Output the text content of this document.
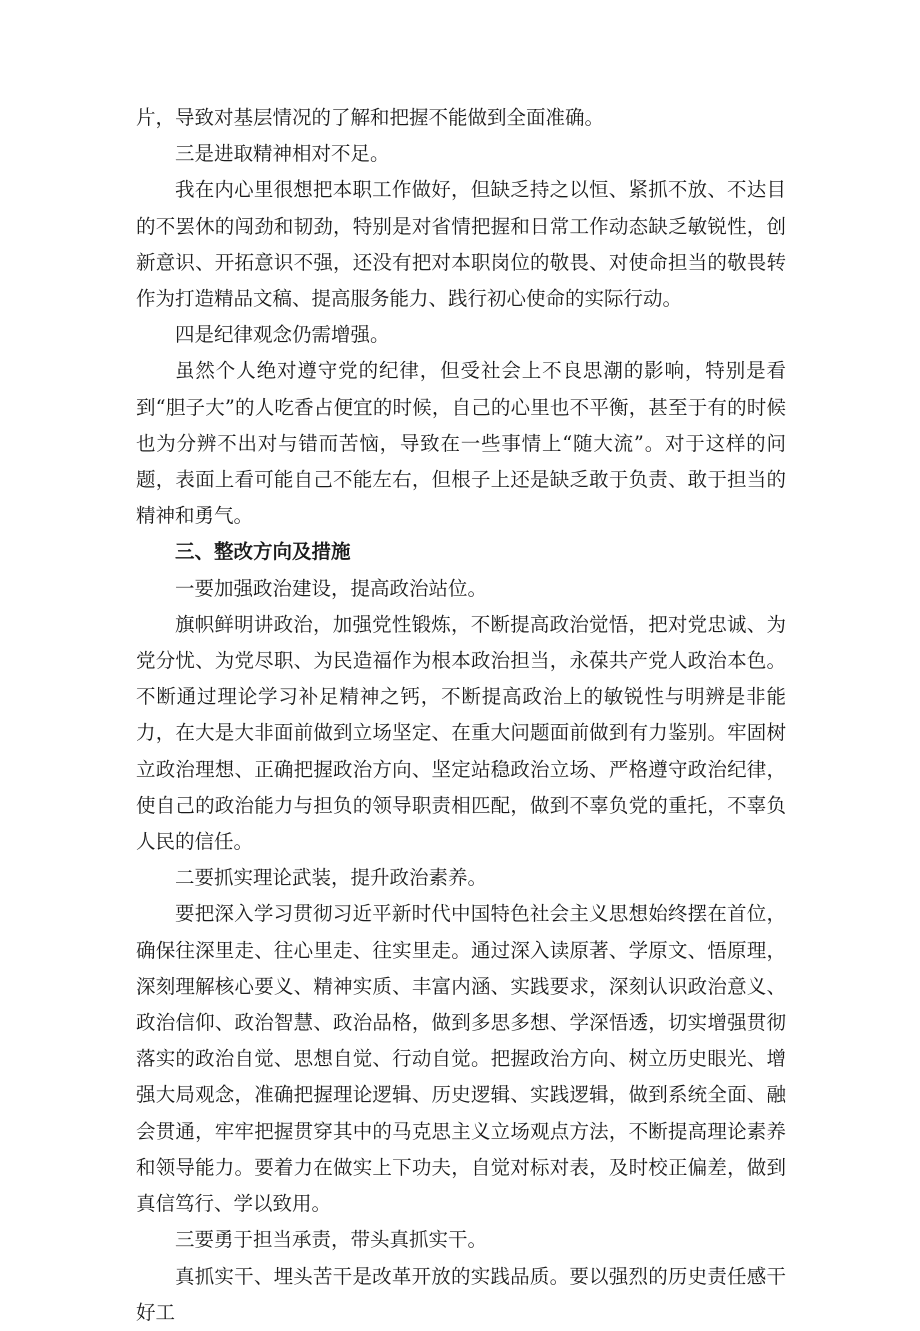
片，导致对基层情况的了解和把握不能做到全面准确。

三是进取精神相对不足。

我在内心里很想把本职工作做好，但缺乏持之以恒、紧抓不放、不达目的不罢休的闯劲和韧劲，特别是对省情把握和日常工作动态缺乏敏锐性，创新意识、开拓意识不强，还没有把对本职岗位的敬畏、对使命担当的敬畏转作为打造精品文稿、提高服务能力、践行初心使命的实际行动。

四是纪律观念仍需增强。

虽然个人绝对遵守党的纪律，但受社会上不良思潮的影响，特别是看到“胆子大”的人吃香占便宜的时候，自己的心里也不平衡，甚至于有的时候也为分辨不出对与错而苦恼，导致在一些事情上“随大流”。对于这样的问题，表面上看可能自己不能左右，但根子上还是缺乏敢于负责、敢于担当的精神和勇气。

三、整改方向及措施

一要加强政治建设，提高政治站位。

旗帜鲜明讲政治，加强党性锻炼，不断提高政治觉悟，把对党忠诚、为党分忧、为党尽职、为民造福作为根本政治担当，永葆共产党人政治本色。不断通过理论学习补足精神之钙，不断提高政治上的敏锐性与明辨是非能力，在大是大非面前做到立场坚定、在重大问题面前做到有力鉴别。牢固树立政治理想、正确把握政治方向、坚定站稳政治立场、严格遵守政治纪律，使自己的政治能力与担负的领导职责相匹配，做到不辜负党的重托，不辜负人民的信任。

二要抓实理论武装，提升政治素养。

要把深入学习贯彻习近平新时代中国特色社会主义思想始终摆在首位，确保往深里走、往心里走、往实里走。通过深入读原著、学原文、悟原理，深刻理解核心要义、精神实质、丰富内涵、实践要求，深刻认识政治意义、政治信仰、政治智慧、政治品格，做到多思多想、学深悟透，切实增强贯彻落实的政治自觉、思想自觉、行动自觉。把握政治方向、树立历史眼光、增强大局观念，准确把握理论逻辑、历史逻辑、实践逻辑，做到系统全面、融会贯通，牢牢把握贯穿其中的马克思主义立场观点方法，不断提高理论素养和领导能力。要着力在做实上下功夫，自觉对标对表，及时校正偏差，做到真信笃行、学以致用。

三要勇于担当承责，带头真抓实干。

真抓实干、埋头苦干是改革开放的实践品质。要以强烈的历史责任感干好工
